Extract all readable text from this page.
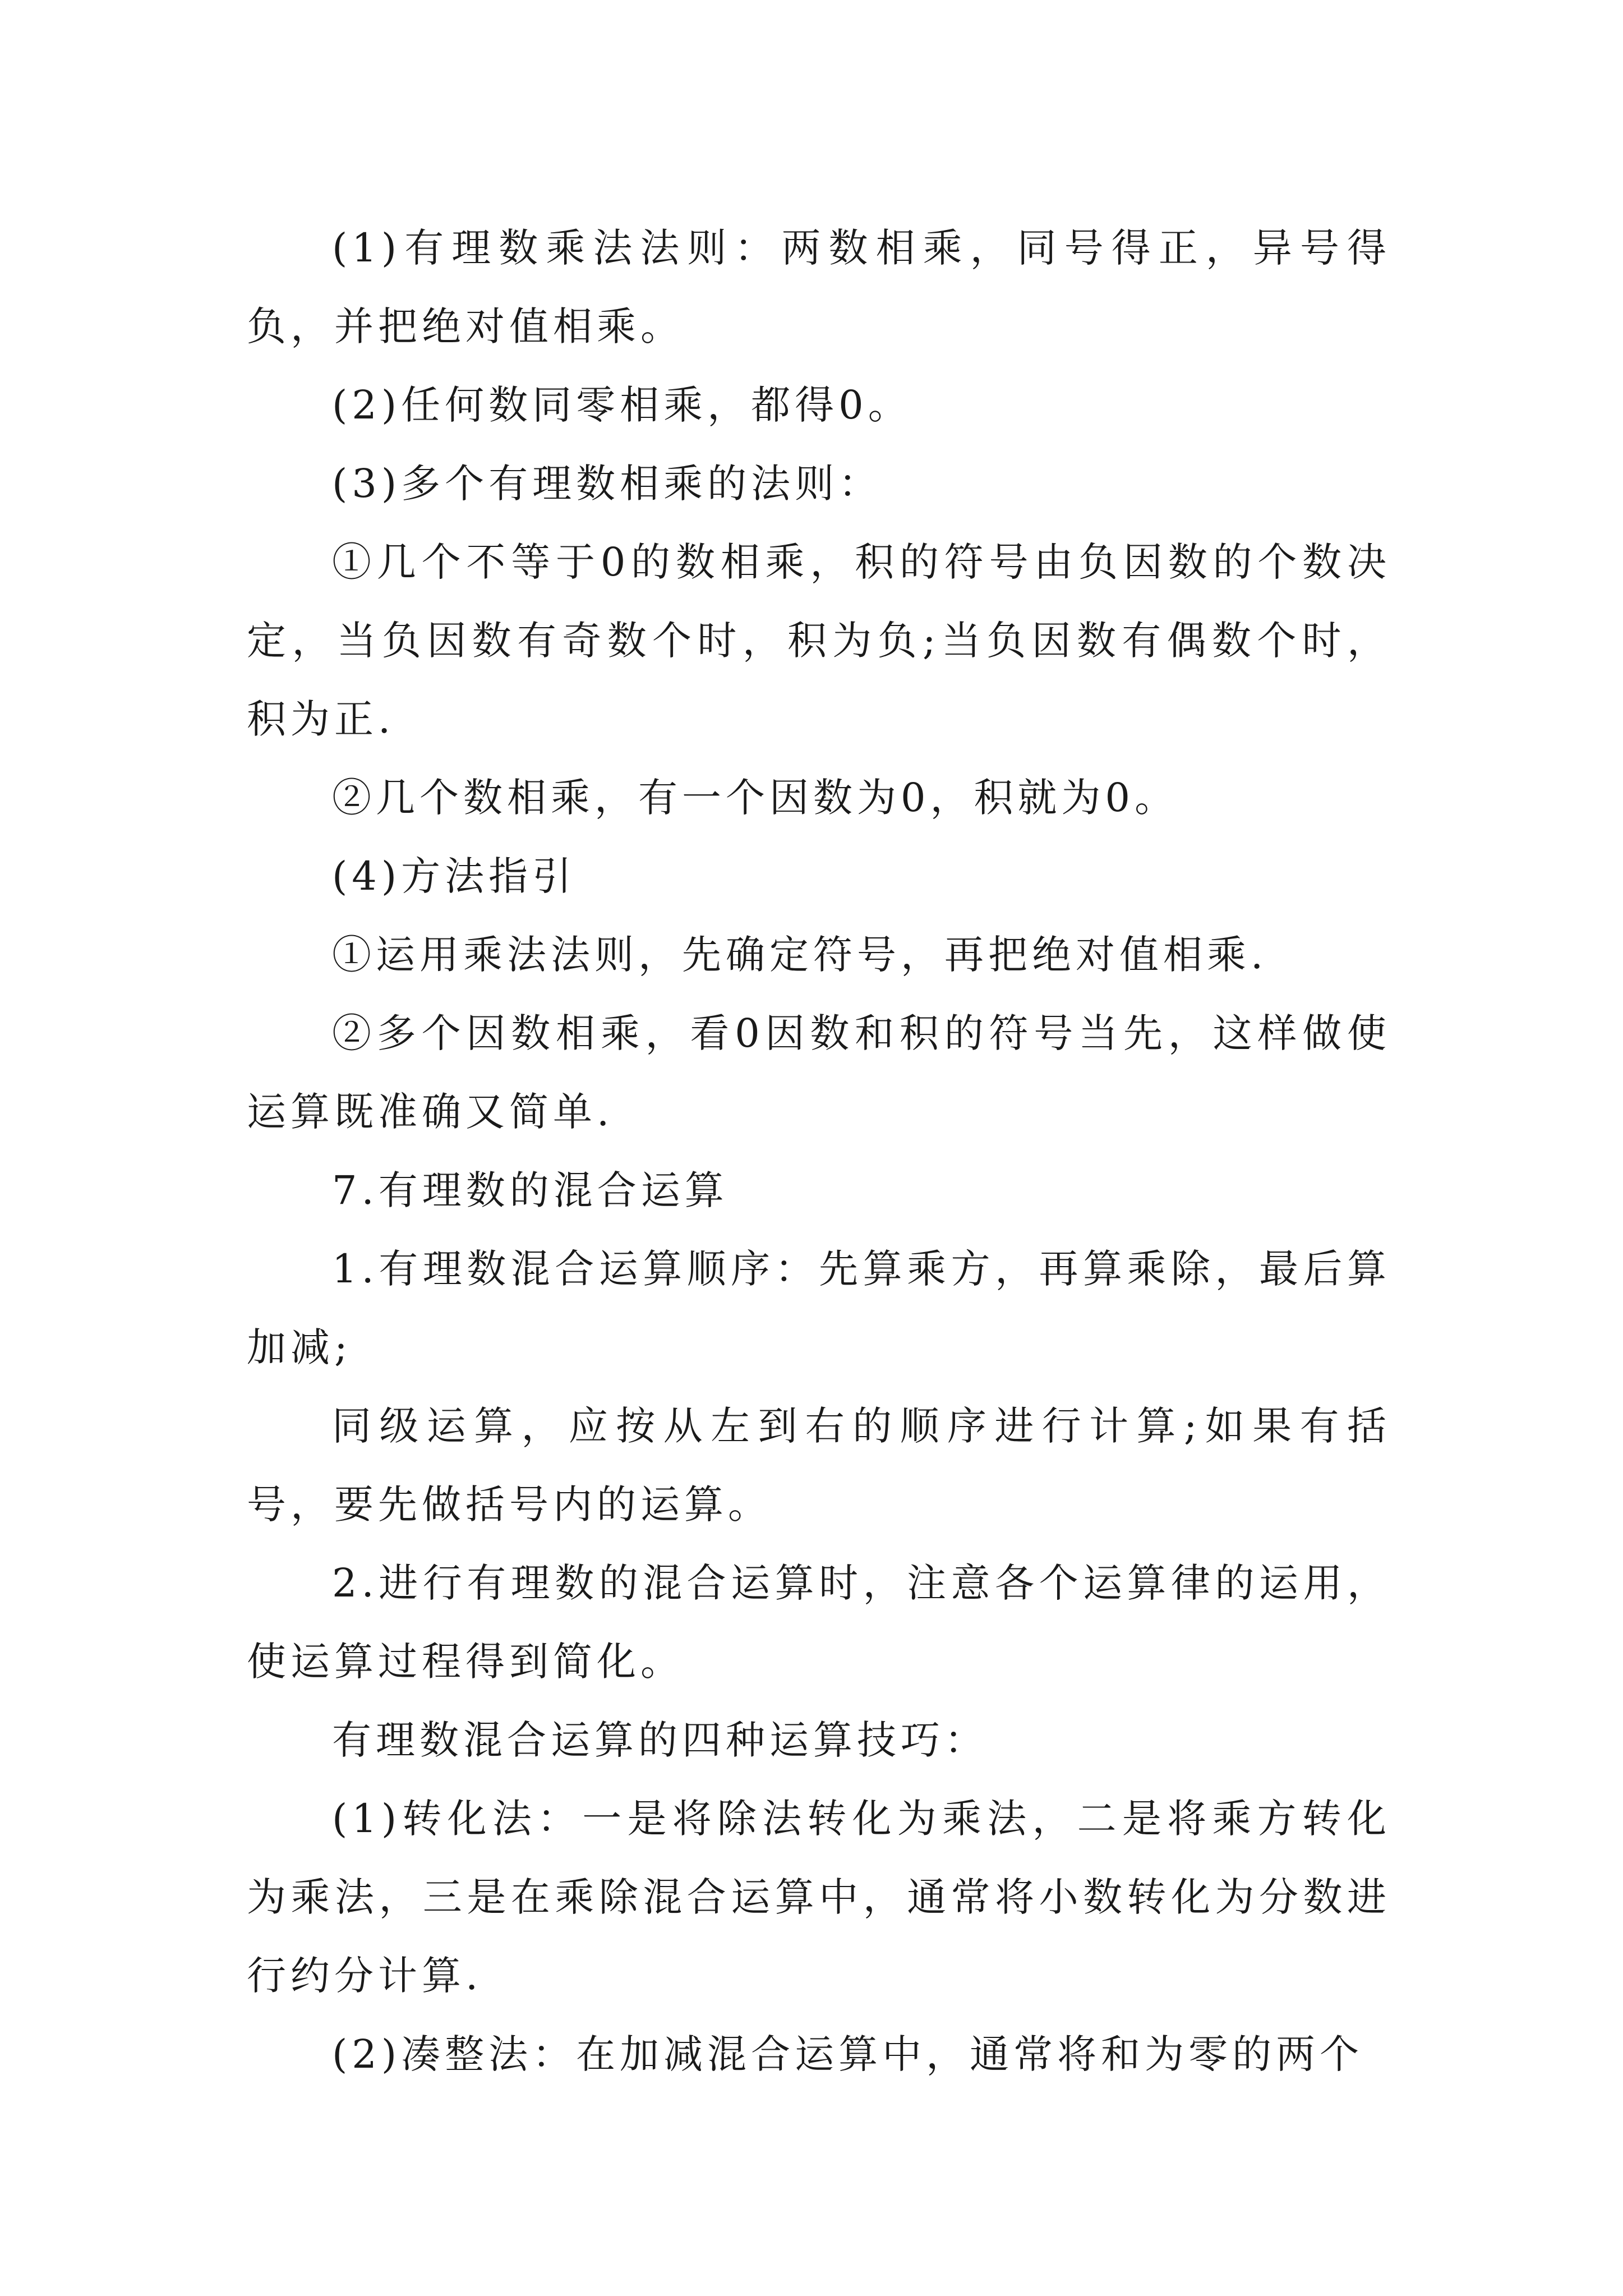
(1)有理数乘法法则：两数相乘，同号得正，异号得负，并把绝对值相乘。

(2)任何数同零相乘，都得0。

(3)多个有理数相乘的法则：

①几个不等于0的数相乘，积的符号由负因数的个数决定，当负因数有奇数个时，积为负;当负因数有偶数个时，积为正.

②几个数相乘，有一个因数为0，积就为0。

(4)方法指引

①运用乘法法则，先确定符号，再把绝对值相乘.

②多个因数相乘，看0因数和积的符号当先，这样做使运算既准确又简单.

7.有理数的混合运算

1.有理数混合运算顺序：先算乘方，再算乘除，最后算加减;

同级运算，应按从左到右的顺序进行计算;如果有括号，要先做括号内的运算。

2.进行有理数的混合运算时，注意各个运算律的运用，使运算过程得到简化。

有理数混合运算的四种运算技巧：

(1)转化法：一是将除法转化为乘法，二是将乘方转化为乘法，三是在乘除混合运算中，通常将小数转化为分数进行约分计算.

(2)凑整法：在加减混合运算中，通常将和为零的两个
